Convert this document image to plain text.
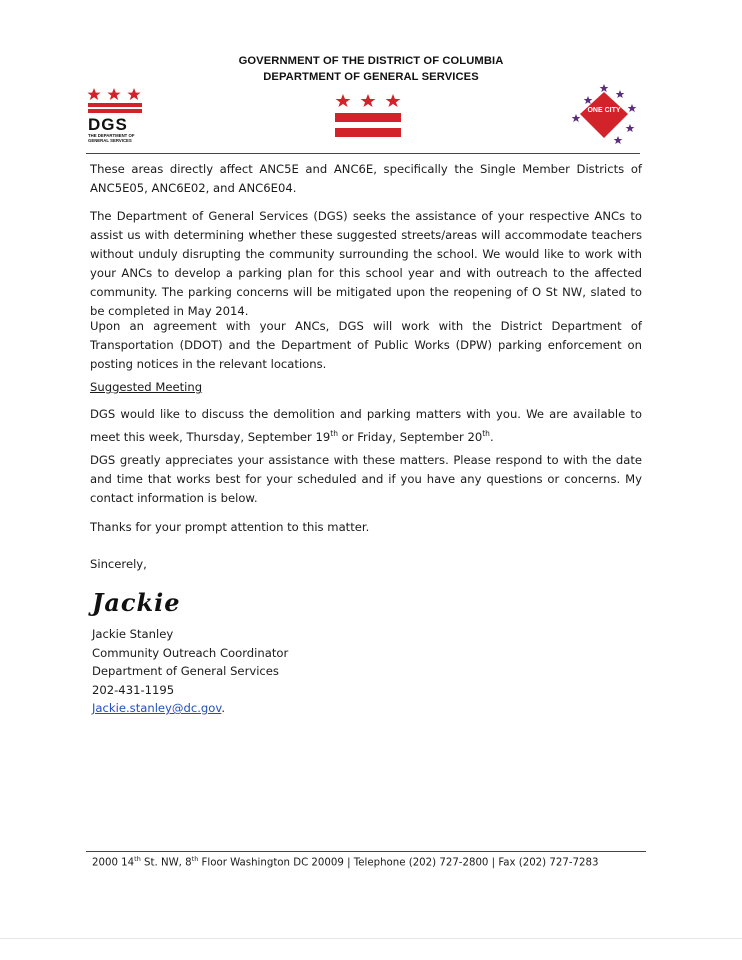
GOVERNMENT OF THE DISTRICT OF COLUMBIA
DEPARTMENT OF GENERAL SERVICES
DGS
THE DEPARTMENT OF
GENERAL SERVICES
ONE CITY
These areas directly affect ANC5E and ANC6E, specifically the Single Member Districts of ANC5E05, ANC6E02, and ANC6E04.
The Department of General Services (DGS) seeks the assistance of your respective ANCs to assist us with determining whether these suggested streets/areas will accommodate teachers without unduly disrupting the community surrounding the school. We would like to work with your ANCs to develop a parking plan for this school year and with outreach to the affected community. The parking concerns will be mitigated upon the reopening of O St NW, slated to be completed in May 2014.
Upon an agreement with your ANCs, DGS will work with the District Department of Transportation (DDOT) and the Department of Public Works (DPW) parking enforcement on posting notices in the relevant locations.
Suggested Meeting
DGS would like to discuss the demolition and parking matters with you. We are available to meet this week, Thursday, September 19th or Friday, September 20th.
DGS greatly appreciates your assistance with these matters. Please respond to with the date and time that works best for your scheduled and if you have any questions or concerns. My contact information is below.
Thanks for your prompt attention to this matter.
Sincerely,
Jackie
Jackie Stanley
Community Outreach Coordinator
Department of General Services
202-431-1195
Jackie.stanley@dc.gov.
2000 14th St. NW, 8th Floor Washington DC 20009 | Telephone (202) 727-2800 | Fax (202) 727-7283
